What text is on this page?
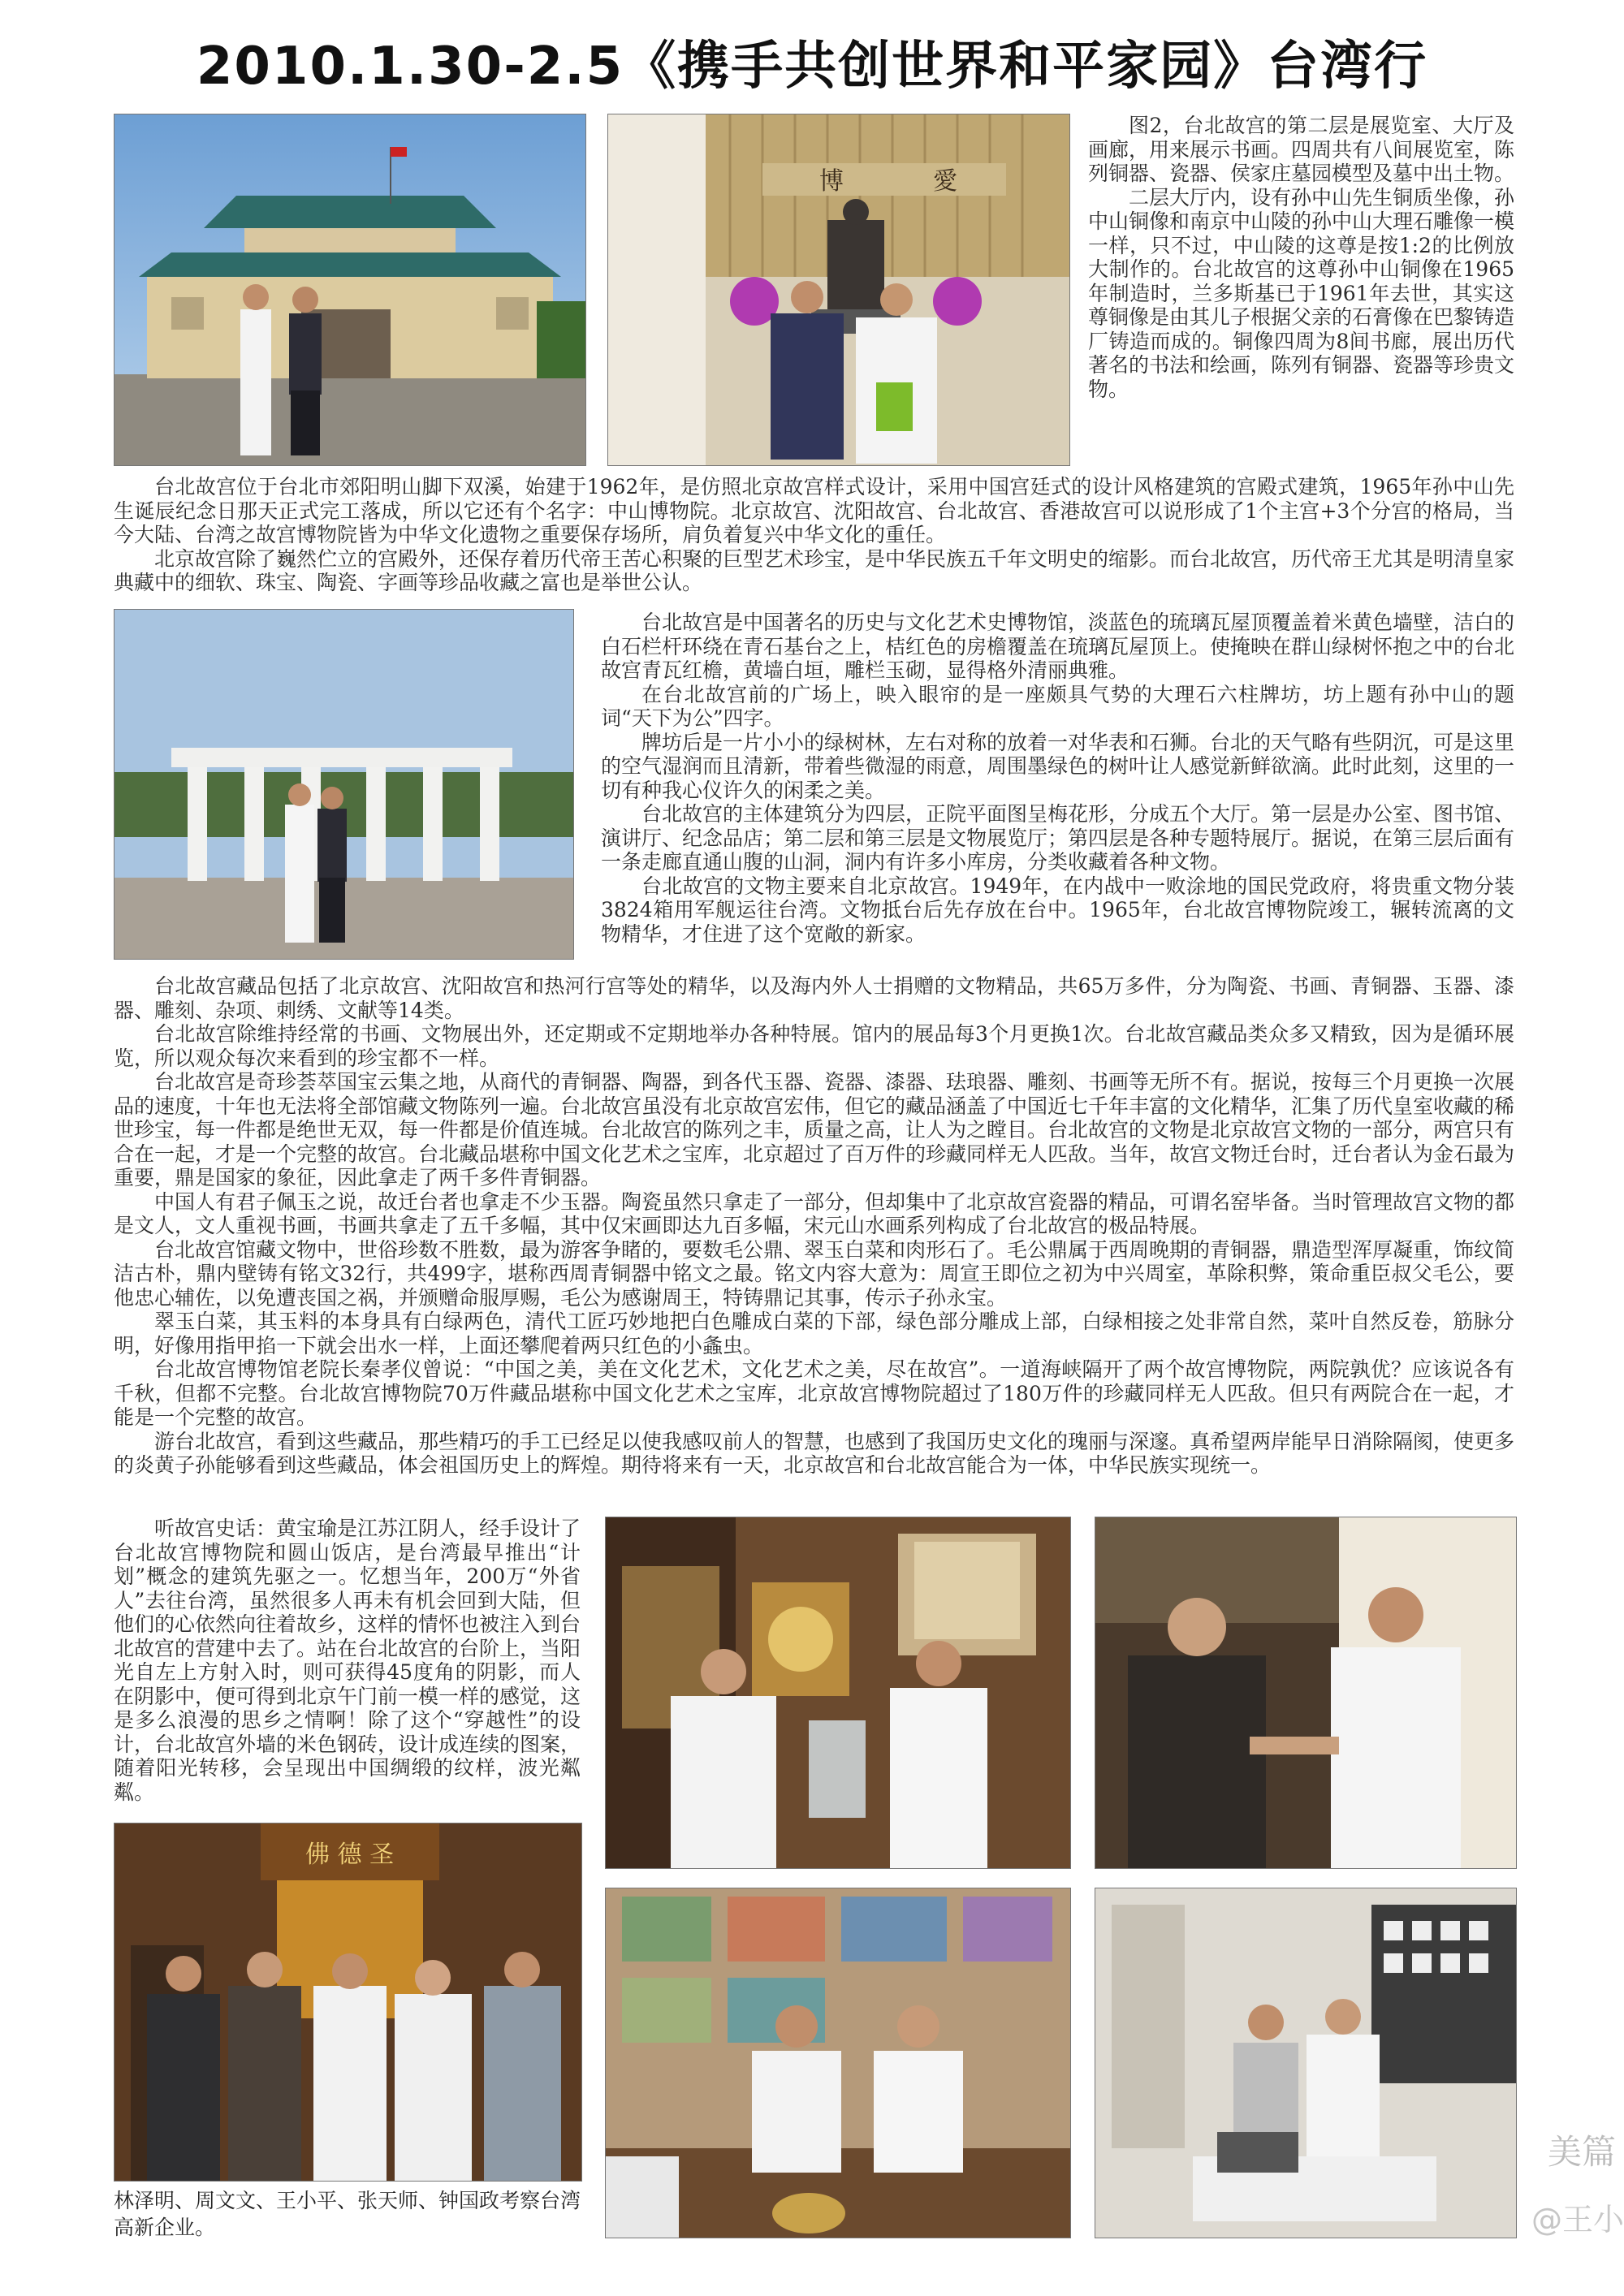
2010.1.30-2.5《携手共创世界和平家园》台湾行
博	愛

图2，台北故宫的第二层是展览室、大厅及画廊，用来展示书画。四周共有八间展览室，陈列铜器、瓷器、侯家庄墓园模型及墓中出土物。

二层大厅内，设有孙中山先生铜质坐像，孙中山铜像和南京中山陵的孙中山大理石雕像一模一样，只不过，中山陵的这尊是按1:2的比例放大制作的。台北故宫的这尊孙中山铜像在1965年制造时，兰多斯基已于1961年去世，其实这尊铜像是由其儿子根据父亲的石膏像在巴黎铸造厂铸造而成的。铜像四周为8间书廊，展出历代著名的书法和绘画，陈列有铜器、瓷器等珍贵文物。

台北故宫位于台北市郊阳明山脚下双溪，始建于1962年，是仿照北京故宫样式设计，采用中国宫廷式的设计风格建筑的宫殿式建筑，1965年孙中山先生诞辰纪念日那天正式完工落成，所以它还有个名字：中山博物院。北京故宫、沈阳故宫、台北故宫、香港故宫可以说形成了1个主宫+3个分宫的格局，当今大陆、台湾之故宫博物院皆为中华文化遗物之重要保存场所，肩负着复兴中华文化的重任。

北京故宫除了巍然伫立的宫殿外，还保存着历代帝王苦心积聚的巨型艺术珍宝，是中华民族五千年文明史的缩影。而台北故宫，历代帝王尤其是明清皇家典藏中的细软、珠宝、陶瓷、字画等珍品收藏之富也是举世公认。

台北故宫是中国著名的历史与文化艺术史博物馆，淡蓝色的琉璃瓦屋顶覆盖着米黄色墙壁，洁白的白石栏杆环绕在青石基台之上，桔红色的房檐覆盖在琉璃瓦屋顶上。使掩映在群山绿树怀抱之中的台北故宫青瓦红檐，黄墙白垣，雕栏玉砌，显得格外清丽典雅。

在台北故宫前的广场上，映入眼帘的是一座颇具气势的大理石六柱牌坊，坊上题有孙中山的题词“天下为公”四字。

牌坊后是一片小小的绿树林，左右对称的放着一对华表和石狮。台北的天气略有些阴沉，可是这里的空气湿润而且清新，带着些微湿的雨意，周围墨绿色的树叶让人感觉新鲜欲滴。此时此刻，这里的一切有种我心仪许久的闲柔之美。

台北故宫的主体建筑分为四层，正院平面图呈梅花形，分成五个大厅。第一层是办公室、图书馆、演讲厅、纪念品店；第二层和第三层是文物展览厅；第四层是各种专题特展厅。据说，在第三层后面有一条走廊直通山腹的山洞，洞内有许多小库房，分类收藏着各种文物。

台北故宫的文物主要来自北京故宫。1949年，在内战中一败涂地的国民党政府，将贵重文物分装3824箱用军舰运往台湾。文物抵台后先存放在台中。1965年，台北故宫博物院竣工，辗转流离的文物精华，才住进了这个宽敞的新家。

台北故宫藏品包括了北京故宫、沈阳故宫和热河行宫等处的精华，以及海内外人士捐赠的文物精品，共65万多件，分为陶瓷、书画、青铜器、玉器、漆器、雕刻、杂项、刺绣、文献等14类。

台北故宫除维持经常的书画、文物展出外，还定期或不定期地举办各种特展。馆内的展品每3个月更换1次。台北故宫藏品类众多又精致，因为是循环展览，所以观众每次来看到的珍宝都不一样。

台北故宫是奇珍荟萃国宝云集之地，从商代的青铜器、陶器，到各代玉器、瓷器、漆器、珐琅器、雕刻、书画等无所不有。据说，按每三个月更换一次展品的速度，十年也无法将全部馆藏文物陈列一遍。台北故宫虽没有北京故宫宏伟，但它的藏品涵盖了中国近七千年丰富的文化精华，汇集了历代皇室收藏的稀世珍宝，每一件都是绝世无双，每一件都是价值连城。台北故宫的陈列之丰，质量之高，让人为之瞠目。台北故宫的文物是北京故宫文物的一部分，两宫只有合在一起，才是一个完整的故宫。台北藏品堪称中国文化艺术之宝库，北京超过了百万件的珍藏同样无人匹敌。当年，故宫文物迁台时，迁台者认为金石最为重要，鼎是国家的象征，因此拿走了两千多件青铜器。

中国人有君子佩玉之说，故迁台者也拿走不少玉器。陶瓷虽然只拿走了一部分，但却集中了北京故宫瓷器的精品，可谓名窑毕备。当时管理故宫文物的都是文人，文人重视书画，书画共拿走了五千多幅，其中仅宋画即达九百多幅，宋元山水画系列构成了台北故宫的极品特展。

台北故宫馆藏文物中，世俗珍数不胜数，最为游客争睹的，要数毛公鼎、翠玉白菜和肉形石了。毛公鼎属于西周晚期的青铜器，鼎造型浑厚凝重，饰纹简洁古朴，鼎内壁铸有铭文32行，共499字，堪称西周青铜器中铭文之最。铭文内容大意为：周宣王即位之初为中兴周室，革除积弊，策命重臣叔父毛公，要他忠心辅佐，以免遭丧国之祸，并颁赠命服厚赐，毛公为感谢周王，特铸鼎记其事，传示子孙永宝。

翠玉白菜，其玉料的本身具有白绿两色，清代工匠巧妙地把白色雕成白菜的下部，绿色部分雕成上部，白绿相接之处非常自然，菜叶自然反卷，筋脉分明，好像用指甲掐一下就会出水一样，上面还攀爬着两只红色的小螽虫。

台北故宫博物馆老院长秦孝仪曾说：“中国之美，美在文化艺术，文化艺术之美，尽在故宫”。一道海峡隔开了两个故宫博物院，两院孰优？应该说各有千秋，但都不完整。台北故宫博物院70万件藏品堪称中国文化艺术之宝库，北京故宫博物院超过了180万件的珍藏同样无人匹敌。但只有两院合在一起，才能是一个完整的故宫。

游台北故宫，看到这些藏品，那些精巧的手工已经足以使我感叹前人的智慧，也感到了我国历史文化的瑰丽与深邃。真希望两岸能早日消除隔阂，使更多的炎黄子孙能够看到这些藏品，体会祖国历史上的辉煌。期待将来有一天，北京故宫和台北故宫能合为一体，中华民族实现统一。

听故宫史话：黄宝瑜是江苏江阴人，经手设计了台北故宫博物院和圆山饭店，是台湾最早推出“计划”概念的建筑先驱之一。忆想当年，200万“外省人”去往台湾，虽然很多人再未有机会回到大陆，但他们的心依然向往着故乡，这样的情怀也被注入到台北故宫的营建中去了。站在台北故宫的台阶上，当阳光自左上方射入时，则可获得45度角的阴影，而人在阴影中，便可得到北京午门前一模一样的感觉，这是多么浪漫的思乡之情啊！除了这个“穿越性”的设计，台北故宫外墙的米色钢砖，设计成连续的图案，随着阳光转移，会呈现出中国绸缎的纹样，波光粼粼。

佛 德 圣
林泽明、周文文、王小平、张天师、钟国政考察台湾高新企业。
美篇
@王小
